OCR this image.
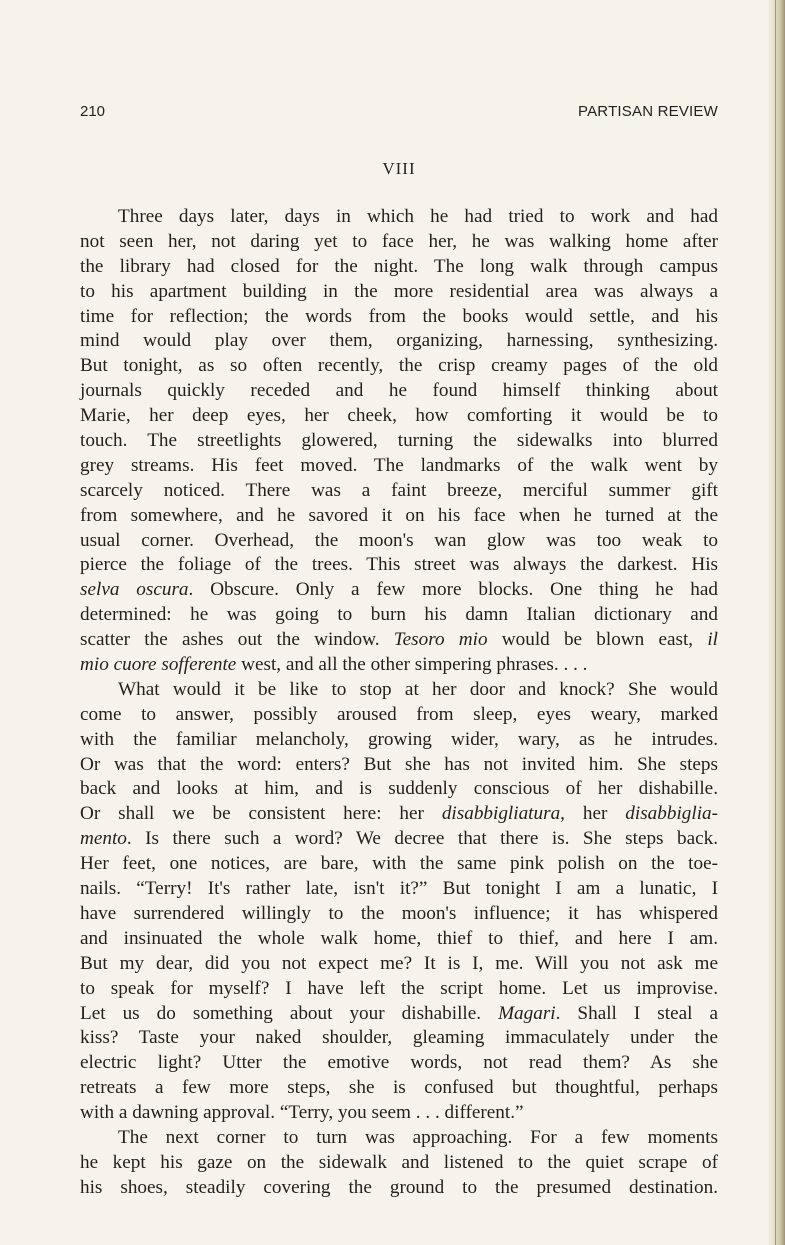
210	PARTISAN REVIEW
VIII
Three days later, days in which he had tried to work and had
not seen her, not daring yet to face her, he was walking home after
the library had closed for the night. The long walk through campus
to his apartment building in the more residential area was always a
time for reflection; the words from the books would settle, and his
mind would play over them, organizing, harnessing, synthesizing.
But tonight, as so often recently, the crisp creamy pages of the old
journals quickly receded and he found himself thinking about
Marie, her deep eyes, her cheek, how comforting it would be to
touch. The streetlights glowered, turning the sidewalks into blurred
grey streams. His feet moved. The landmarks of the walk went by
scarcely noticed. There was a faint breeze, merciful summer gift
from somewhere, and he savored it on his face when he turned at the
usual corner. Overhead, the moon's wan glow was too weak to
pierce the foliage of the trees. This street was always the darkest. His
selva oscura. Obscure. Only a few more blocks. One thing he had
determined: he was going to burn his damn Italian dictionary and
scatter the ashes out the window. Tesoro mio would be blown east, il
mio cuore sofferente west, and all the other simpering phrases. . . .
What would it be like to stop at her door and knock? She would
come to answer, possibly aroused from sleep, eyes weary, marked
with the familiar melancholy, growing wider, wary, as he intrudes.
Or was that the word: enters? But she has not invited him. She steps
back and looks at him, and is suddenly conscious of her dishabille.
Or shall we be consistent here: her disabbigliatura, her disabbiglia-
mento. Is there such a word? We decree that there is. She steps back.
Her feet, one notices, are bare, with the same pink polish on the toe-
nails. “Terry! It's rather late, isn't it?” But tonight I am a lunatic, I
have surrendered willingly to the moon's influence; it has whispered
and insinuated the whole walk home, thief to thief, and here I am.
But my dear, did you not expect me? It is I, me. Will you not ask me
to speak for myself? I have left the script home. Let us improvise.
Let us do something about your dishabille. Magari. Shall I steal a
kiss? Taste your naked shoulder, gleaming immaculately under the
electric light? Utter the emotive words, not read them? As she
retreats a few more steps, she is confused but thoughtful, perhaps
with a dawning approval. “Terry, you seem . . . different.”
The next corner to turn was approaching. For a few moments
he kept his gaze on the sidewalk and listened to the quiet scrape of
his shoes, steadily covering the ground to the presumed destination.
